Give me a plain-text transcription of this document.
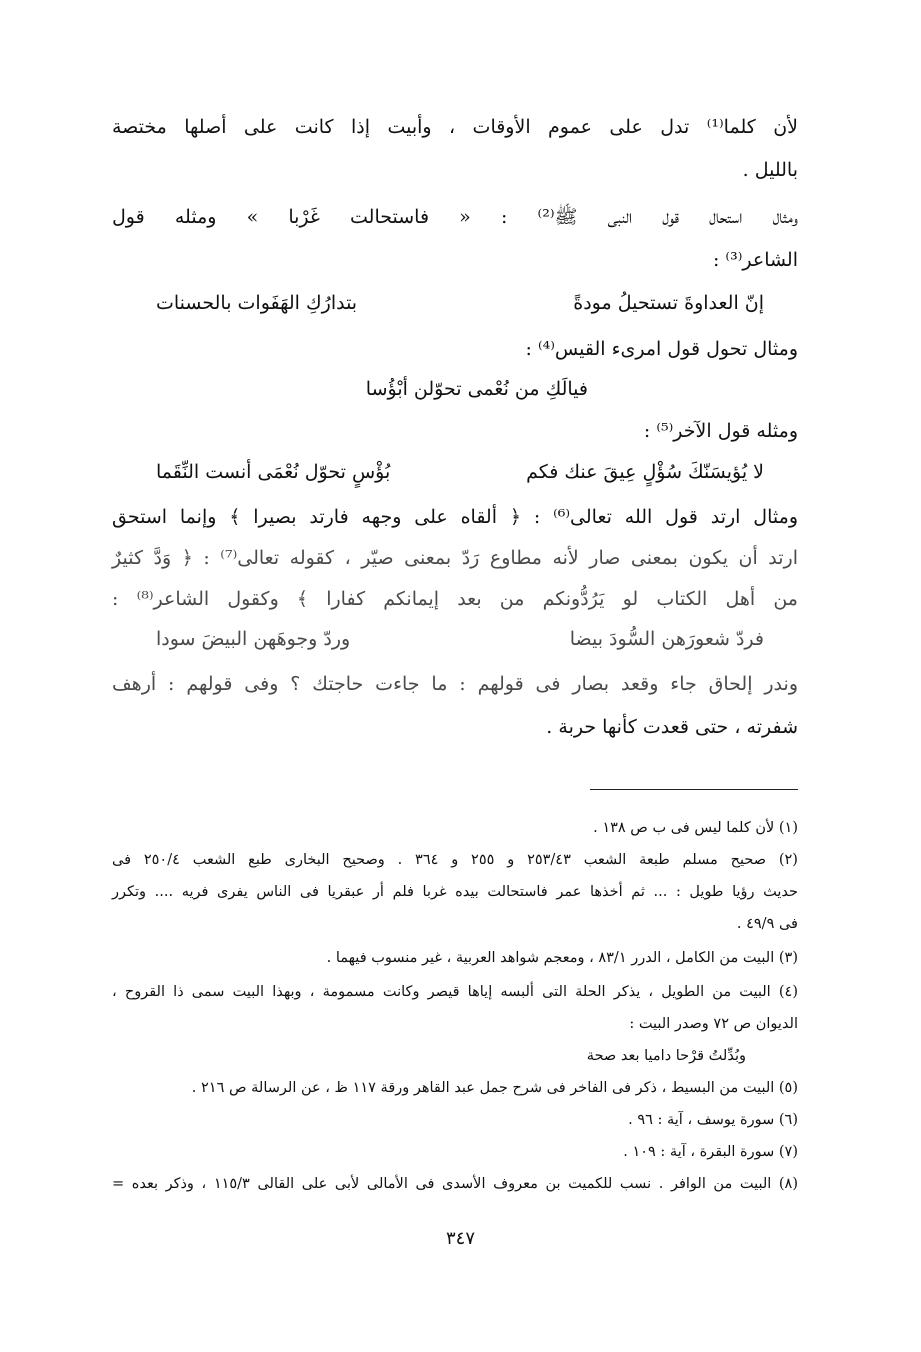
لأن كلما⁽¹⁾ تدل على عموم الأوقات ، وأبيت إذا كانت على أصلها مختصة
بالليل .
ومثال استحال قول النبى ﷺ⁽²⁾ : « فاستحالت غَرْبا » ومثله قول
الشاعر⁽³⁾ :
إنّ العداوةَ تستحيلُ مودةً
بتدارُكِ الهَفَوات بالحسنات
ومثال تحول قول امرىء القيس⁽⁴⁾ :
فيالَكِ من نُعْمى تحوّلن أبْؤُسا
ومثله قول الآخر⁽⁵⁾ :
لا يُؤيسَنّكَ سُؤْلٍ عِيقَ عنك فكم
بُؤْسٍ تحوّل نُعْمَى أنست النِّقَما
ومثال ارتد قول الله تعالى⁽⁶⁾ : ﴿ ألقاه على وجهه فارتد بصيرا ﴾ وإنما استحق
ارتد أن يكون بمعنى صار لأنه مطاوع رَدّ بمعنى صيّر ، كقوله تعالى⁽⁷⁾ : ﴿ وَدَّ كثيرٌ
من أهل الكتاب لو يَرُدُّونكم من بعد إيمانكم كفارا ﴾ وكقول الشاعر⁽⁸⁾ :
فردّ شعورَهن السُّودَ بيضا
وردّ وجوهَهن البيضَ سودا
وندر إلحاق جاء وقعد بصار فى قولهم : ما جاءت حاجتك ؟ وفى قولهم : أرهف
شفرته ، حتى قعدت كأنها حربة .
(١) لأن كلما ليس فى ب ص ١٣٨ .
(٢) صحيح مسلم طبعة الشعب ٢٥٣/٤٣ و ٢٥٥ و ٣٦٤ . وصحيح البخارى طبع الشعب ٢٥٠/٤ فى
حديث رؤيا طويل : ... ثم أخذها عمر فاستحالت بيده غربا فلم أر عبقريا فى الناس يفرى فريه .... وتكرر
فى ٤٩/٩ .
(٣) البيت من الكامل ، الدرر ٨٣/١ ، ومعجم شواهد العربية ، غير منسوب فيهما .
(٤) البيت من الطويل ، يذكر الحلة التى ألبسه إياها قيصر وكانت مسمومة ، وبهذا البيت سمى ذا القروح ،
الديوان ص ٧٢ وصدر البيت :
وبُدِّلتُ قرْحا داميا بعد صحة
(٥) البيت من البسيط ، ذكر فى الفاخر فى شرح جمل عبد القاهر ورقة ١١٧ ظ ، عن الرسالة ص ٢١٦ .
(٦) سورة يوسف ، آية : ٩٦ .
(٧) سورة البقرة ، آية : ١٠٩ .
(٨) البيت من الوافر . نسب للكميت بن معروف الأسدى فى الأمالى لأبى على القالى ١١٥/٣ ، وذكر بعده =
٣٤٧
